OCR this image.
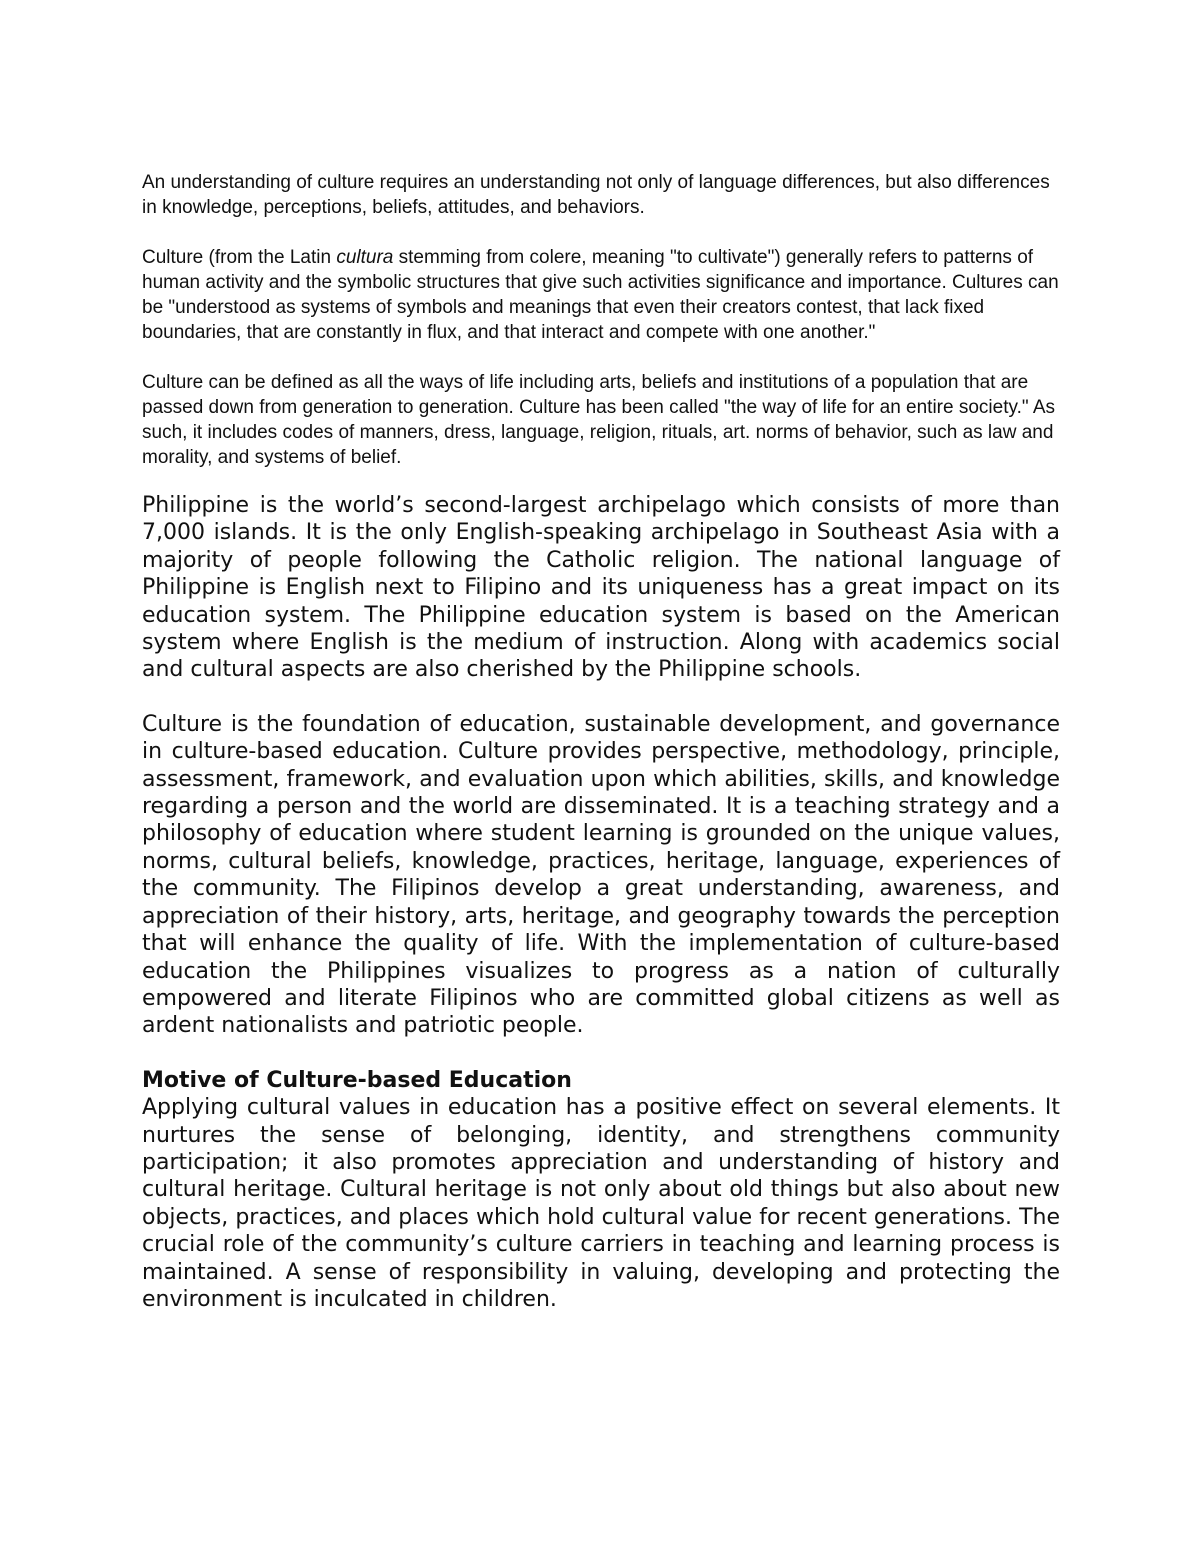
An understanding of culture requires an understanding not only of language differences, but also differences in knowledge, perceptions, beliefs, attitudes, and behaviors.

Culture (from the Latin cultura stemming from colere, meaning "to cultivate") generally refers to patterns of human activity and the symbolic structures that give such activities significance and importance. Cultures can be "understood as systems of symbols and meanings that even their creators contest, that lack fixed boundaries, that are constantly in flux, and that interact and compete with one another."

Culture can be defined as all the ways of life including arts, beliefs and institutions of a population that are passed down from generation to generation. Culture has been called "the way of life for an entire society." As such, it includes codes of manners, dress, language, religion, rituals, art. norms of behavior, such as law and morality, and systems of belief.

Philippine is the world’s second-largest archipelago which consists of more than 7,000 islands. It is the only English-speaking archipelago in Southeast Asia with a majority of people following the Catholic religion. The national language of Philippine is English next to Filipino and its uniqueness has a great impact on its education system. The Philippine education system is based on the American system where English is the medium of instruction. Along with academics social and cultural aspects are also cherished by the Philippine schools.

Culture is the foundation of education, sustainable development, and governance in culture-based education. Culture provides perspective, methodology, principle, assessment, framework, and evaluation upon which abilities, skills, and knowledge regarding a person and the world are disseminated. It is a teaching strategy and a philosophy of education where student learning is grounded on the unique values, norms, cultural beliefs, knowledge, practices, heritage, language, experiences of the community. The Filipinos develop a great understanding, awareness, and appreciation of their history, arts, heritage, and geography towards the perception that will enhance the quality of life. With the implementation of culture-based education the Philippines visualizes to progress as a nation of culturally empowered and literate Filipinos who are committed global citizens as well as ardent nationalists and patriotic people.

Motive of Culture-based Education

Applying cultural values in education has a positive effect on several elements. It nurtures the sense of belonging, identity, and strengthens community participation; it also promotes appreciation and understanding of history and cultural heritage. Cultural heritage is not only about old things but also about new objects, practices, and places which hold cultural value for recent generations. The crucial role of the community’s culture carriers in teaching and learning process is maintained. A sense of responsibility in valuing, developing and protecting the environment is inculcated in children.
